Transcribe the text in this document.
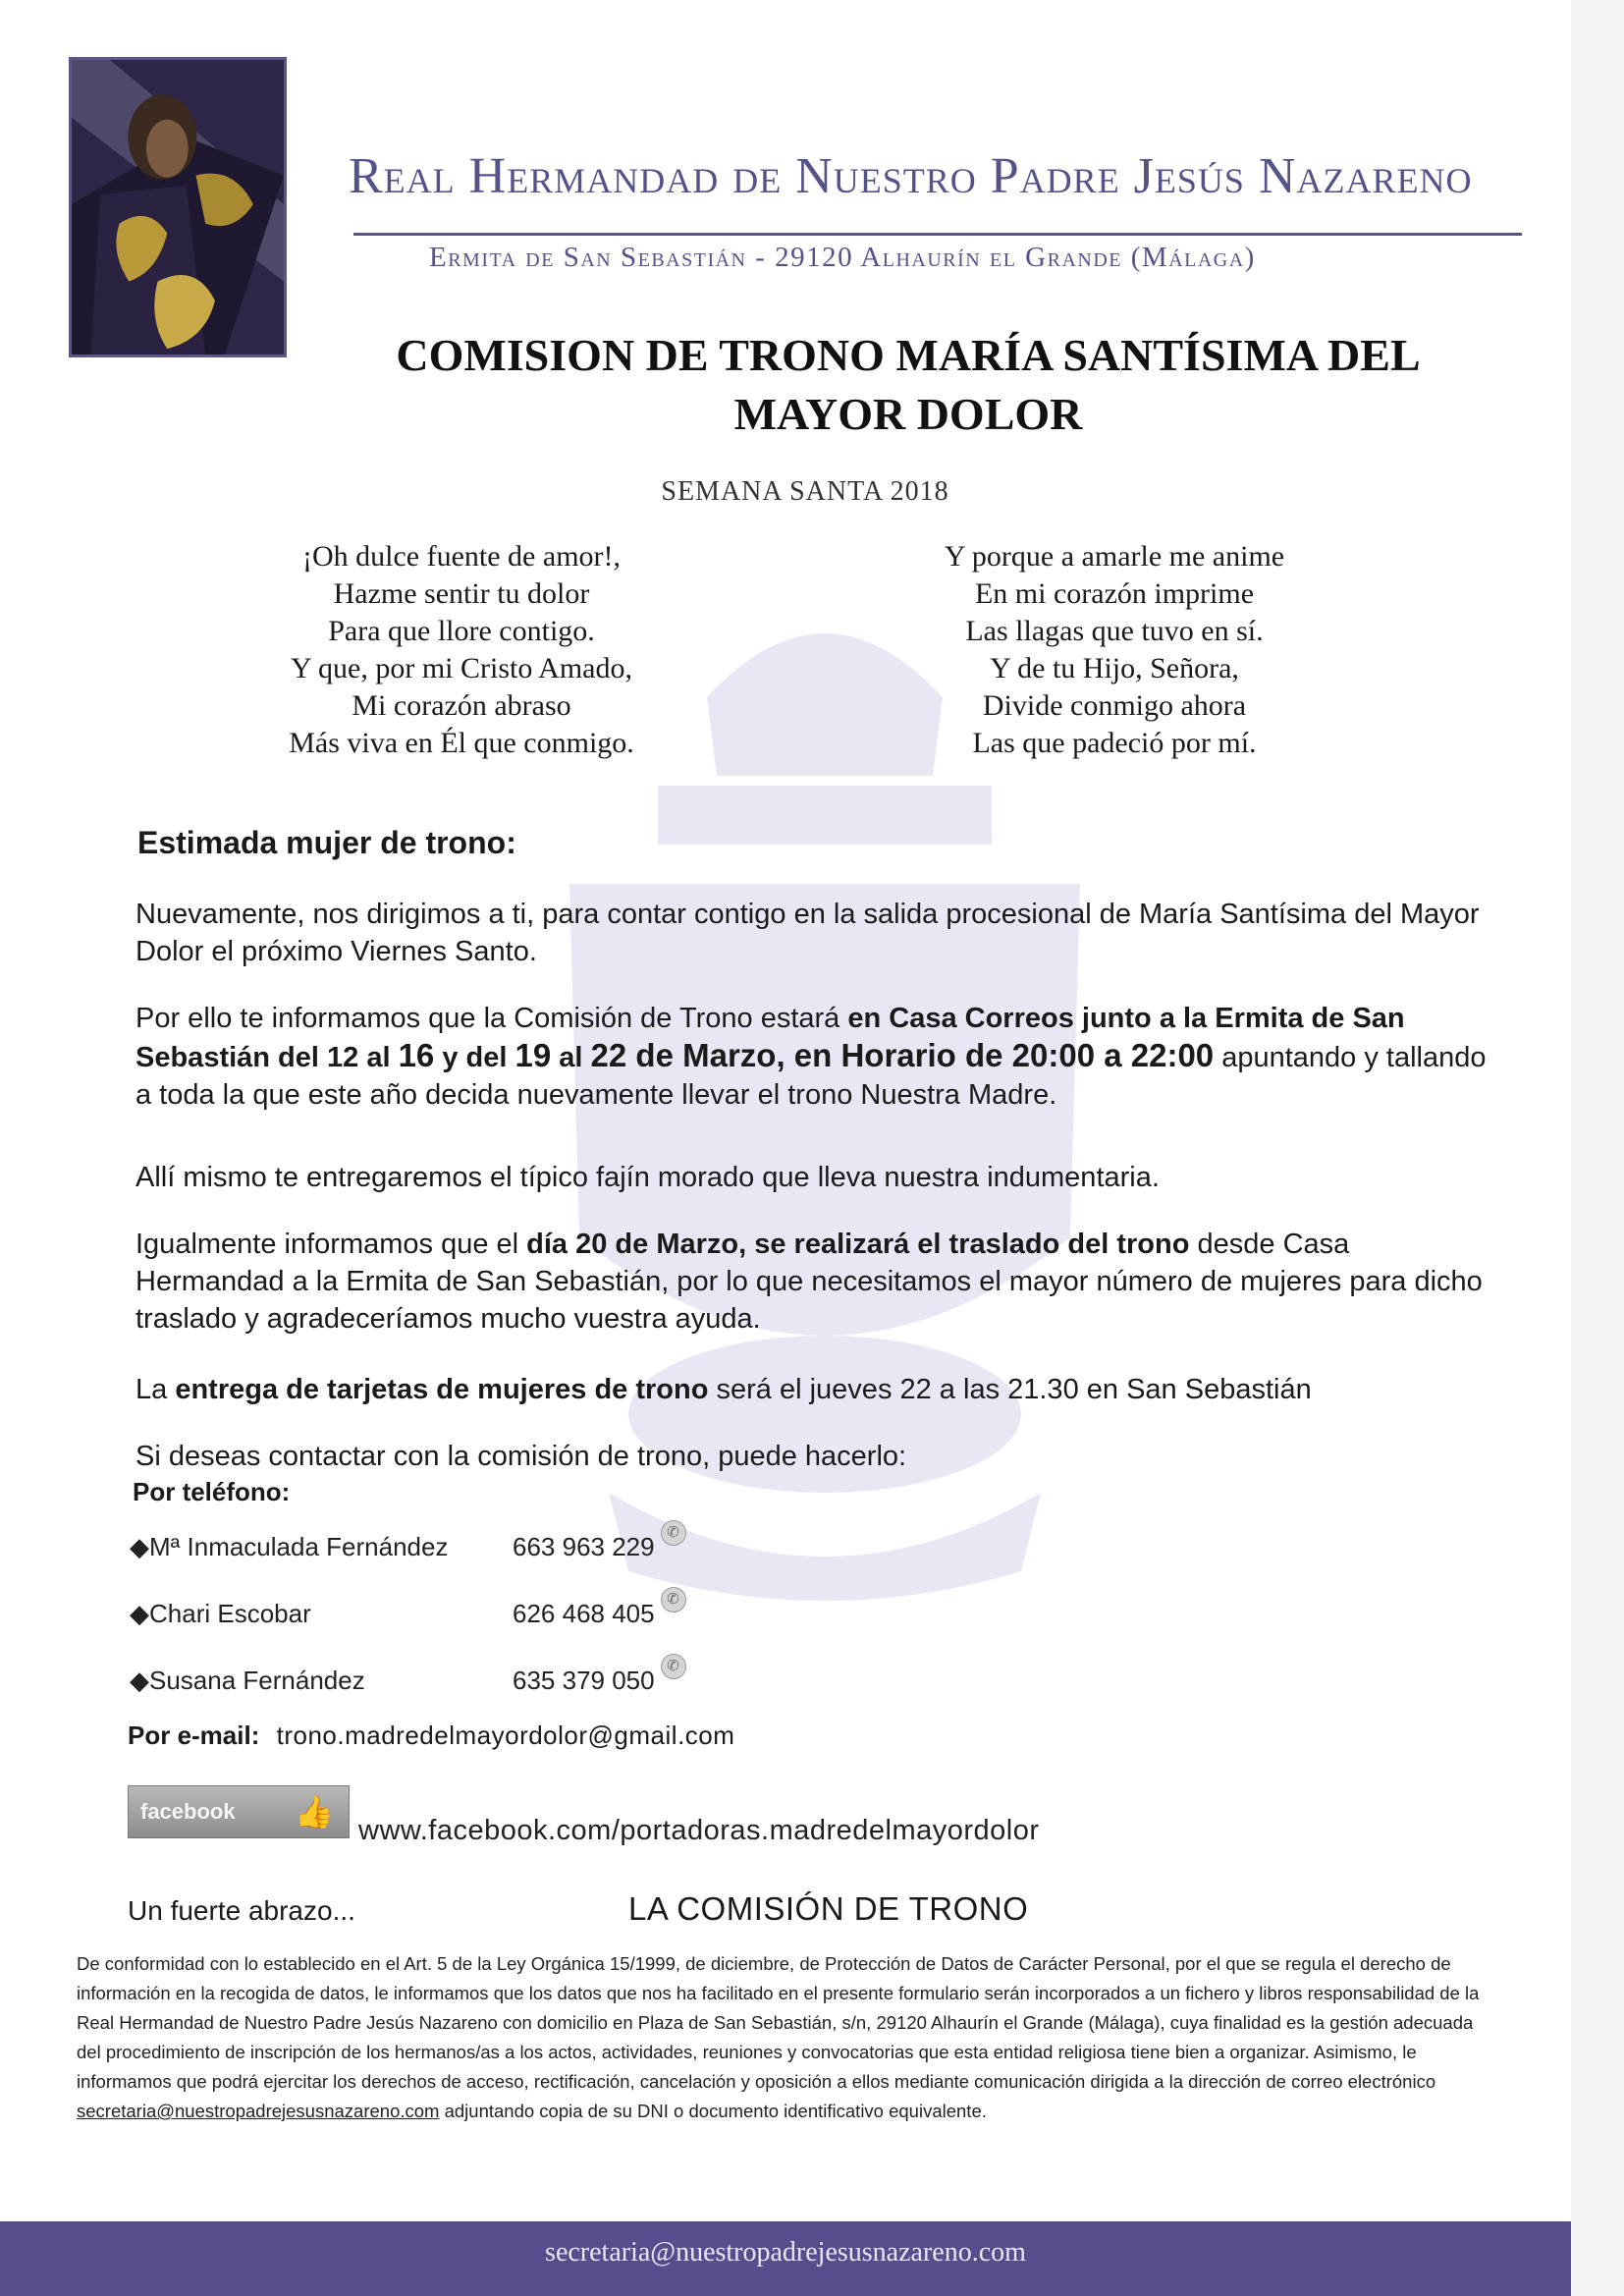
Real Hermandad de Nuestro Padre Jesús Nazareno
Ermita de San Sebastián - 29120 Alhaurín el Grande (Málaga)
COMISION DE TRONO MARÍA SANTÍSIMA DEL
MAYOR DOLOR
SEMANA SANTA 2018
¡Oh dulce fuente de amor!,
Hazme sentir tu dolor
Para que llore contigo.
Y que, por mi Cristo Amado,
Mi corazón abraso
Más viva en Él que conmigo.
Y porque a amarle me anime
En mi corazón imprime
Las llagas que tuvo en sí.
Y de tu Hijo, Señora,
Divide conmigo ahora
Las que padeció por mí.
Estimada mujer de trono:
Nuevamente, nos dirigimos a ti, para contar contigo en la salida procesional de María Santísima del Mayor Dolor el próximo Viernes Santo.
Por ello te informamos que la Comisión de Trono estará en Casa Correos junto a la Ermita de San Sebastián del 12 al 16 y del 19 al 22 de Marzo, en Horario de 20:00 a 22:00 apuntando y tallando a toda la que este año decida nuevamente llevar el trono Nuestra Madre.
Allí mismo te entregaremos el típico fajín morado que lleva nuestra indumentaria.
Igualmente informamos que el día 20 de Marzo, se realizará el traslado del trono desde Casa Hermandad a la Ermita de San Sebastián, por lo que necesitamos el mayor número de mujeres para dicho traslado y agradeceríamos mucho vuestra ayuda.
La entrega de tarjetas de mujeres de trono será el jueves 22 a las 21.30 en San Sebastián
Si deseas contactar con la comisión de trono, puede hacerlo:
Por teléfono:
◆Mª Inmaculada Fernández	663 963 229 ✆
◆Chari Escobar	626 468 405 ✆
◆Susana Fernández	635 379 050 ✆
Por e-mail: trono.madredelmayordolor@gmail.com
facebook	👍
www.facebook.com/portadoras.madredelmayordolor
Un fuerte abrazo...	LA COMISIÓN DE TRONO
De conformidad con lo establecido en el Art. 5 de la Ley Orgánica 15/1999, de diciembre, de Protección de Datos de Carácter Personal, por el que se regula el derecho de información en la recogida de datos, le informamos que los datos que nos ha facilitado en el presente formulario serán incorporados a un fichero y libros responsabilidad de la Real Hermandad de Nuestro Padre Jesús Nazareno con domicilio en Plaza de San Sebastián, s/n, 29120 Alhaurín el Grande (Málaga), cuya finalidad es la gestión adecuada del procedimiento de inscripción de los hermanos/as a los actos, actividades, reuniones y convocatorias que esta entidad religiosa tiene bien a organizar. Asimismo, le informamos que podrá ejercitar los derechos de acceso, rectificación, cancelación y oposición a ellos mediante comunicación dirigida a la dirección de correo electrónico secretaria@nuestropadrejesusnazareno.com adjuntando copia de su DNI o documento identificativo equivalente.
secretaria@nuestropadrejesusnazareno.com
